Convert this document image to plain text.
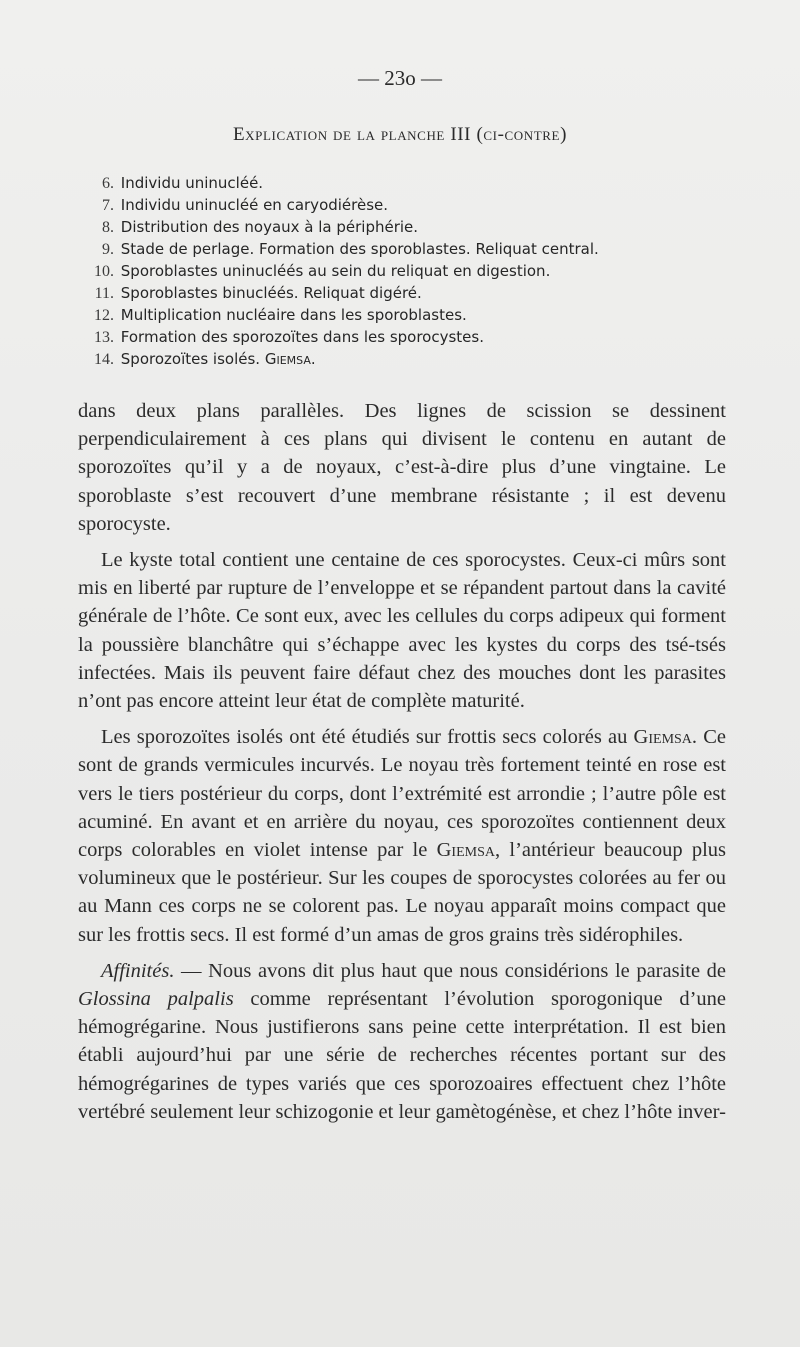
— 23o —
Explication de la planche III (ci-contre)
6. Individu uninucléé.
7. Individu uninucléé en caryodiérèse.
8. Distribution des noyaux à la périphérie.
9. Stade de perlage. Formation des sporoblastes. Reliquat central.
10. Sporoblastes uninucléés au sein du reliquat en digestion.
11. Sporoblastes binucléés. Reliquat digéré.
12. Multiplication nucléaire dans les sporoblastes.
13. Formation des sporozoïtes dans les sporocystes.
14. Sporozoïtes isolés. Giemsa.

dans deux plans parallèles. Des lignes de scission se dessinent perpendiculairement à ces plans qui divisent le contenu en autant de sporozoïtes qu’il y a de noyaux, c’est-à-dire plus d’une vingtaine. Le sporoblaste s’est recouvert d’une membrane résistante ; il est devenu sporocyste.

Le kyste total contient une centaine de ces sporocystes. Ceux-ci mûrs sont mis en liberté par rupture de l’enveloppe et se répandent partout dans la cavité générale de l’hôte. Ce sont eux, avec les cellules du corps adipeux qui forment la poussière blanchâtre qui s’échappe avec les kystes du corps des tsé-tsés infectées. Mais ils peuvent faire défaut chez des mouches dont les parasites n’ont pas encore atteint leur état de complète maturité.

Les sporozoïtes isolés ont été étudiés sur frottis secs colorés au Giemsa. Ce sont de grands vermicules incurvés. Le noyau très fortement teinté en rose est vers le tiers postérieur du corps, dont l’extrémité est arrondie ; l’autre pôle est acuminé. En avant et en arrière du noyau, ces sporozoïtes contiennent deux corps colorables en violet intense par le Giemsa, l’antérieur beaucoup plus volumineux que le postérieur. Sur les coupes de sporocystes colorées au fer ou au Mann ces corps ne se colorent pas. Le noyau apparaît moins compact que sur les frottis secs. Il est formé d’un amas de gros grains très sidérophiles.

Affinités. — Nous avons dit plus haut que nous considérions le parasite de Glossina palpalis comme représentant l’évolution sporogonique d’une hémogrégarine. Nous justifierons sans peine cette interprétation. Il est bien établi aujourd’hui par une série de recherches récentes portant sur des hémogrégarines de types variés que ces sporozoaires effectuent chez l’hôte vertébré seulement leur schizogonie et leur gamètogénèse, et chez l’hôte inver-
